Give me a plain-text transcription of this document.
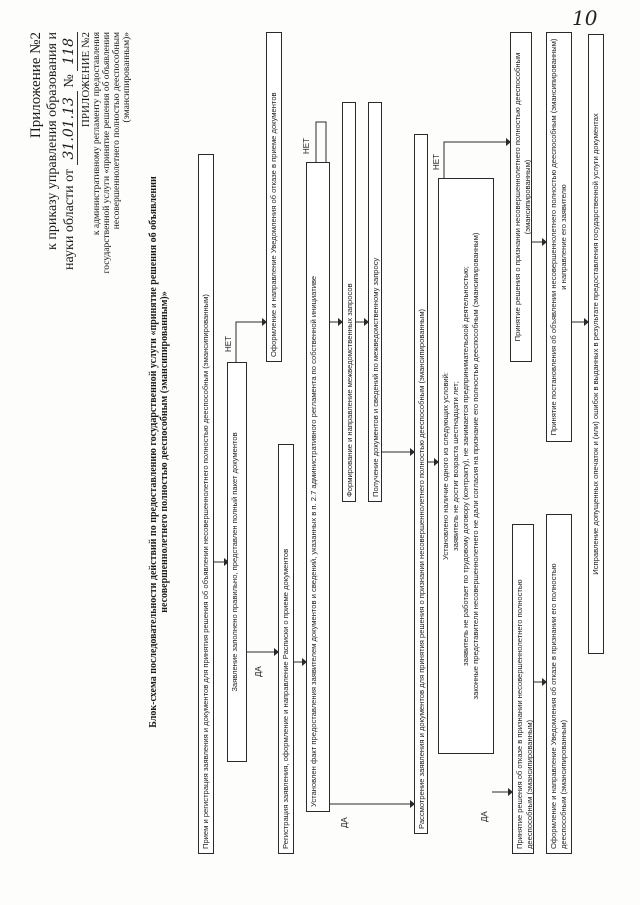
10
Приложение №2 к приказу управления образования и науки области от 31.01.13 № 118 ПРИЛОЖЕНИЕ №2 к административному регламенту предоставления государственной услуги «принятие решения об объявлении несовершеннолетнего полностью дееспособным (эмансипированным)»
Блок-схема последовательности действий по предоставлению государственной услуги «принятие решения об объявлении несовершеннолетнего полностью дееспособным (эмансипированным)»	Прием и регистрация заявления и документов для принятия решения об объявлении несовершеннолетнего полностью дееспособным (эмансипированным)	Заявление заполнено правильно, представлен полный пакет документов	ДА
НЕТ	Оформление и направление Уведомления об отказе в приеме документов
Регистрация заявления, оформление и направление Расписки о приеме документов	Установлен факт предоставления заявителем документов и сведений, указанных в п. 2.7 административного регламента по собственной инициативе
ДА
НЕТ
Формирование и направление межведомственных запросов	Получение документов и сведений по межведомственному запросу	Рассмотрение заявления и документов для принятия решения о признании несовершеннолетнего полностью дееспособным (эмансипированным) Установлено наличие одного из следующих условий: заявитель не достиг возраста шестнадцати лет; заявитель не работает по трудовому договору (контракту), не занимается предпринимательской деятельностью; законные представители несовершеннолетнего не дали согласия на признание его полностью дееспособным (эмансипированным)
ДА
НЕТ
Принятие решения об отказе в признании несовершеннолетнего полностью дееспособным (эмансипированным)
Принятие решения о признании несовершеннолетнего полностью дееспособным (эмансипированным)
Оформление и направление Уведомления об отказе в признании его полностью дееспособным (эмансипированным)
Принятие постановления об объявлении несовершеннолетнего полностью дееспособным (эмансипированным) и направление его заявителю	Исправление допущенных опечаток и (или) ошибок в выданных в результате предоставления государственной услуги документах
